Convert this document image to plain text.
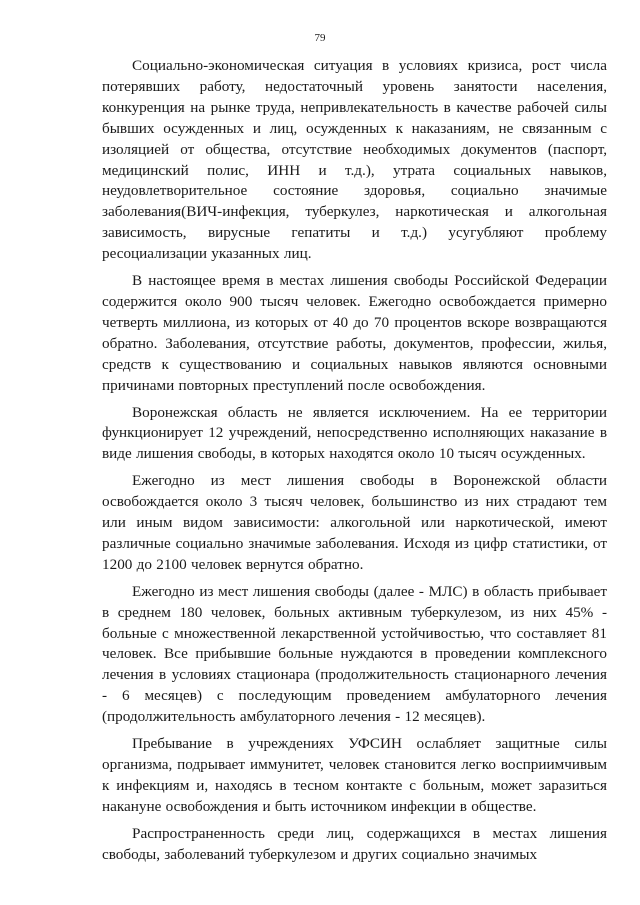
79

Социально-экономическая ситуация в условиях кризиса, рост числа потерявших работу, недостаточный уровень занятости населения, конкуренция на рынке труда, непривлекательность в качестве рабочей силы бывших осужденных и лиц, осужденных к наказаниям, не связанным с изоляцией от общества, отсутствие необходимых документов (паспорт, медицинский полис, ИНН и т.д.), утрата социальных навыков, неудовлетворительное состояние здоровья, социально значимые заболевания(ВИЧ-инфекция, туберкулез, наркотическая и алкогольная зависимость, вирусные гепатиты и т.д.) усугубляют проблему ресоциализации указанных лиц.

В настоящее время в местах лишения свободы Российской Федерации содержится около 900 тысяч человек. Ежегодно освобождается примерно четверть миллиона, из которых от 40 до 70 процентов вскоре возвращаются обратно. Заболевания, отсутствие работы, документов, профессии, жилья, средств к существованию и социальных навыков являются основными причинами повторных преступлений после освобождения.

Воронежская область не является исключением. На ее территории функционирует 12 учреждений, непосредственно исполняющих наказание в виде лишения свободы, в которых находятся около 10 тысяч осужденных.

Ежегодно из мест лишения свободы в Воронежской области освобождается около 3 тысяч человек, большинство из них страдают тем или иным видом зависимости: алкогольной или наркотической, имеют различные социально значимые заболевания. Исходя из цифр статистики, от 1200 до 2100 человек вернутся обратно.

Ежегодно из мест лишения свободы (далее - МЛС) в область прибывает в среднем 180 человек, больных активным туберкулезом, из них 45% - больные с множественной лекарственной устойчивостью, что составляет 81 человек. Все прибывшие больные нуждаются в проведении комплексного лечения в условиях стационара (продолжительность стационарного лечения - 6 месяцев) с последующим проведением амбулаторного лечения (продолжительность амбулаторного лечения - 12 месяцев).

Пребывание в учреждениях УФСИН ослабляет защитные силы организма, подрывает иммунитет, человек становится легко восприимчивым к инфекциям и, находясь в тесном контакте с больным, может заразиться накануне освобождения и быть источником инфекции в обществе.

Распространенность среди лиц, содержащихся в местах лишения свободы, заболеваний туберкулезом и других социально значимых
